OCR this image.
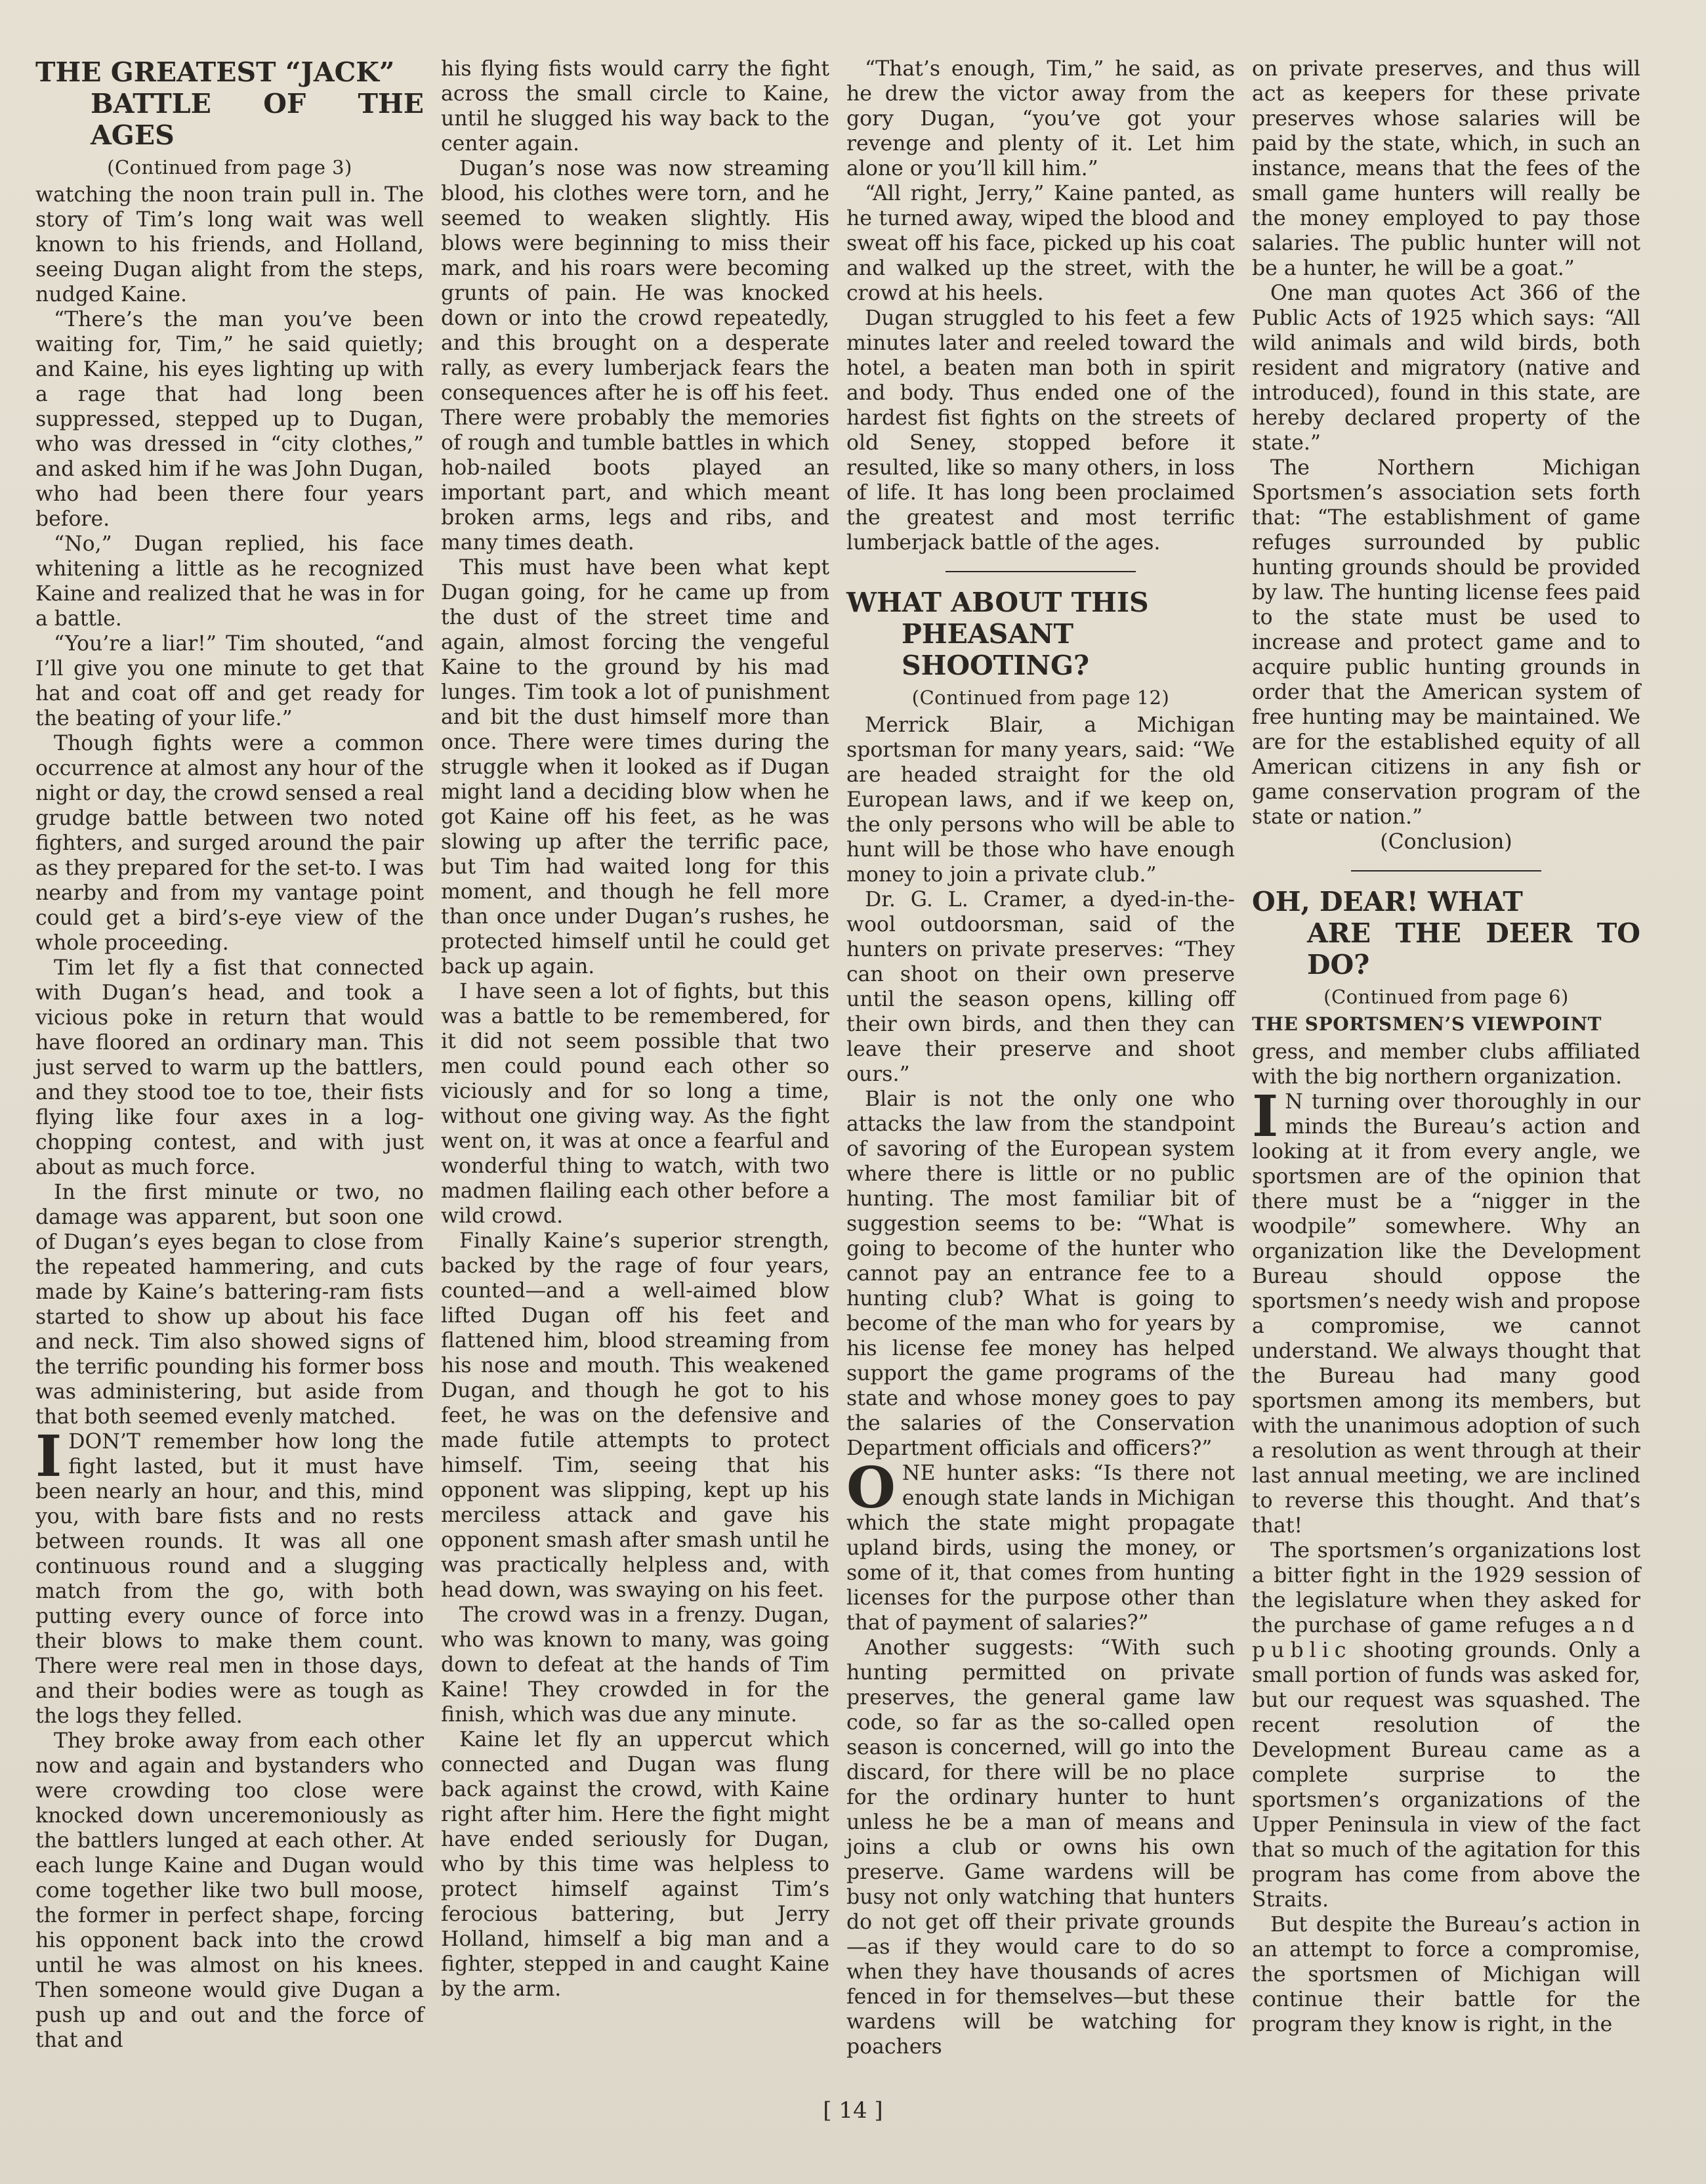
THE GREATEST “JACK”
BATTLE OF THE AGES
(Continued from page 3)

watching the noon train pull in. The story of Tim’s long wait was well known to his friends, and Holland, seeing Dugan alight from the steps, nudged Kaine.

“There’s the man you’ve been waiting for, Tim,” he said quietly; and Kaine, his eyes lighting up with a rage that had long been suppressed, stepped up to Dugan, who was dressed in “city clothes,” and asked him if he was John Dugan, who had been there four years before.

“No,” Dugan replied, his face whitening a little as he recognized Kaine and realized that he was in for a battle.

“You’re a liar!” Tim shouted, “and I’ll give you one minute to get that hat and coat off and get ready for the beating of your life.”

Though fights were a common occurrence at almost any hour of the night or day, the crowd sensed a real grudge battle between two noted fighters, and surged around the pair as they prepared for the set-to. I was nearby and from my vantage point could get a bird’s-eye view of the whole proceeding.

Tim let fly a fist that connected with Dugan’s head, and took a vicious poke in return that would have floored an ordinary man. This just served to warm up the battlers, and they stood toe to toe, their fists flying like four axes in a log-chopping contest, and with just about as much force.

In the first minute or two, no damage was apparent, but soon one of Dugan’s eyes began to close from the repeated hammering, and cuts made by Kaine’s battering-ram fists started to show up about his face and neck. Tim also showed signs of the terrific pounding his former boss was administering, but aside from that both seemed evenly matched.

IDON’T remember how long the fight lasted, but it must have been nearly an hour, and this, mind you, with bare fists and no rests between rounds. It was all one continuous round and a slugging match from the go, with both putting every ounce of force into their blows to make them count. There were real men in those days, and their bodies were as tough as the logs they felled.

They broke away from each other now and again and bystanders who were crowding too close were knocked down unceremoniously as the battlers lunged at each other. At each lunge Kaine and Dugan would come together like two bull moose, the former in perfect shape, forcing his opponent back into the crowd until he was almost on his knees. Then someone would give Dugan a push up and out and the force of that and

his flying fists would carry the fight across the small circle to Kaine, until he slugged his way back to the center again.

Dugan’s nose was now streaming blood, his clothes were torn, and he seemed to weaken slightly. His blows were beginning to miss their mark, and his roars were becoming grunts of pain. He was knocked down or into the crowd repeatedly, and this brought on a desperate rally, as every lumberjack fears the consequences after he is off his feet. There were probably the memories of rough and tumble battles in which hob-nailed boots played an important part, and which meant broken arms, legs and ribs, and many times death.

This must have been what kept Dugan going, for he came up from the dust of the street time and again, almost forcing the vengeful Kaine to the ground by his mad lunges. Tim took a lot of punishment and bit the dust himself more than once. There were times during the struggle when it looked as if Dugan might land a deciding blow when he got Kaine off his feet, as he was slowing up after the terrific pace, but Tim had waited long for this moment, and though he fell more than once under Dugan’s rushes, he protected himself until he could get back up again.

I have seen a lot of fights, but this was a battle to be remembered, for it did not seem possible that two men could pound each other so viciously and for so long a time, without one giving way. As the fight went on, it was at once a fearful and wonderful thing to watch, with two madmen flailing each other before a wild crowd.

Finally Kaine’s superior strength, backed by the rage of four years, counted—and a well-aimed blow lifted Dugan off his feet and flattened him, blood streaming from his nose and mouth. This weakened Dugan, and though he got to his feet, he was on the defensive and made futile attempts to protect himself. Tim, seeing that his opponent was slipping, kept up his merciless attack and gave his opponent smash after smash until he was practically helpless and, with head down, was swaying on his feet.

The crowd was in a frenzy. Dugan, who was known to many, was going down to defeat at the hands of Tim Kaine! They crowded in for the finish, which was due any minute.

Kaine let fly an uppercut which connected and Dugan was flung back against the crowd, with Kaine right after him. Here the fight might have ended seriously for Dugan, who by this time was helpless to protect himself against Tim’s ferocious battering, but Jerry Holland, himself a big man and a fighter, stepped in and caught Kaine by the arm.

“That’s enough, Tim,” he said, as he drew the victor away from the gory Dugan, “you’ve got your revenge and plenty of it. Let him alone or you’ll kill him.”

“All right, Jerry,” Kaine panted, as he turned away, wiped the blood and sweat off his face, picked up his coat and walked up the street, with the crowd at his heels.

Dugan struggled to his feet a few minutes later and reeled toward the hotel, a beaten man both in spirit and body. Thus ended one of the hardest fist fights on the streets of old Seney, stopped before it resulted, like so many others, in loss of life. It has long been proclaimed the greatest and most terrific lumberjack battle of the ages.

WHAT ABOUT THIS
PHEASANT SHOOTING?
(Continued from page 12)

Merrick Blair, a Michigan sportsman for many years, said: “We are headed straight for the old European laws, and if we keep on, the only persons who will be able to hunt will be those who have enough money to join a private club.”

Dr. G. L. Cramer, a dyed-in-the-wool outdoorsman, said of the hunters on private preserves: “They can shoot on their own preserve until the season opens, killing off their own birds, and then they can leave their preserve and shoot ours.”

Blair is not the only one who attacks the law from the standpoint of savoring of the European system where there is little or no public hunting. The most familiar bit of suggestion seems to be: “What is going to become of the hunter who cannot pay an entrance fee to a hunting club? What is going to become of the man who for years by his license fee money has helped support the game programs of the state and whose money goes to pay the salaries of the Conservation Department officials and officers?”

ONE hunter asks: “Is there not enough state lands in Michigan which the state might propagate upland birds, using the money, or some of it, that comes from hunting licenses for the purpose other than that of payment of salaries?”

Another suggests: “With such hunting permitted on private preserves, the general game law code, so far as the so-called open season is concerned, will go into the discard, for there will be no place for the ordinary hunter to hunt unless he be a man of means and joins a club or owns his own preserve. Game wardens will be busy not only watching that hunters do not get off their private grounds—as if they would care to do so when they have thousands of acres fenced in for themselves—but these wardens will be watching for poachers

on private preserves, and thus will act as keepers for these private preserves whose salaries will be paid by the state, which, in such an instance, means that the fees of the small game hunters will really be the money employed to pay those salaries. The public hunter will not be a hunter, he will be a goat.”

One man quotes Act 366 of the Public Acts of 1925 which says: “All wild animals and wild birds, both resident and migratory (native and introduced), found in this state, are hereby declared property of the state.”

The Northern Michigan Sportsmen’s association sets forth that: “The establishment of game refuges surrounded by public hunting grounds should be provided by law. The hunting license fees paid to the state must be used to increase and protect game and to acquire public hunting grounds in order that the American system of free hunting may be maintained. We are for the established equity of all American citizens in any fish or game conservation program of the state or nation.”

(Conclusion)

OH, DEAR! WHAT
ARE THE DEER TO DO?
(Continued from page 6)
THE SPORTSMEN’S VIEWPOINT

gress, and member clubs affiliated with the big northern organization.

I N turning over thoroughly in our minds the Bureau’s action and looking at it from every angle, we sportsmen are of the opinion that there must be a “nigger in the woodpile” somewhere. Why an organization like the Development Bureau should oppose the sportsmen’s needy wish and propose a compromise, we cannot understand. We always thought that the Bureau had many good sportsmen among its members, but with the unanimous adoption of such a resolution as went through at their last annual meeting, we are inclined to reverse this thought. And that’s that!

The sportsmen’s organizations lost a bitter fight in the 1929 session of the legislature when they asked for the purchase of game refuges and public shooting grounds. Only a small portion of funds was asked for, but our request was squashed. The recent resolution of the Development Bureau came as a complete surprise to the sportsmen’s organizations of the Upper Peninsula in view of the fact that so much of the agitation for this program has come from above the Straits.

But despite the Bureau’s action in an attempt to force a compromise, the sportsmen of Michigan will continue their battle for the program they know is right, in the

[ 14 ]
